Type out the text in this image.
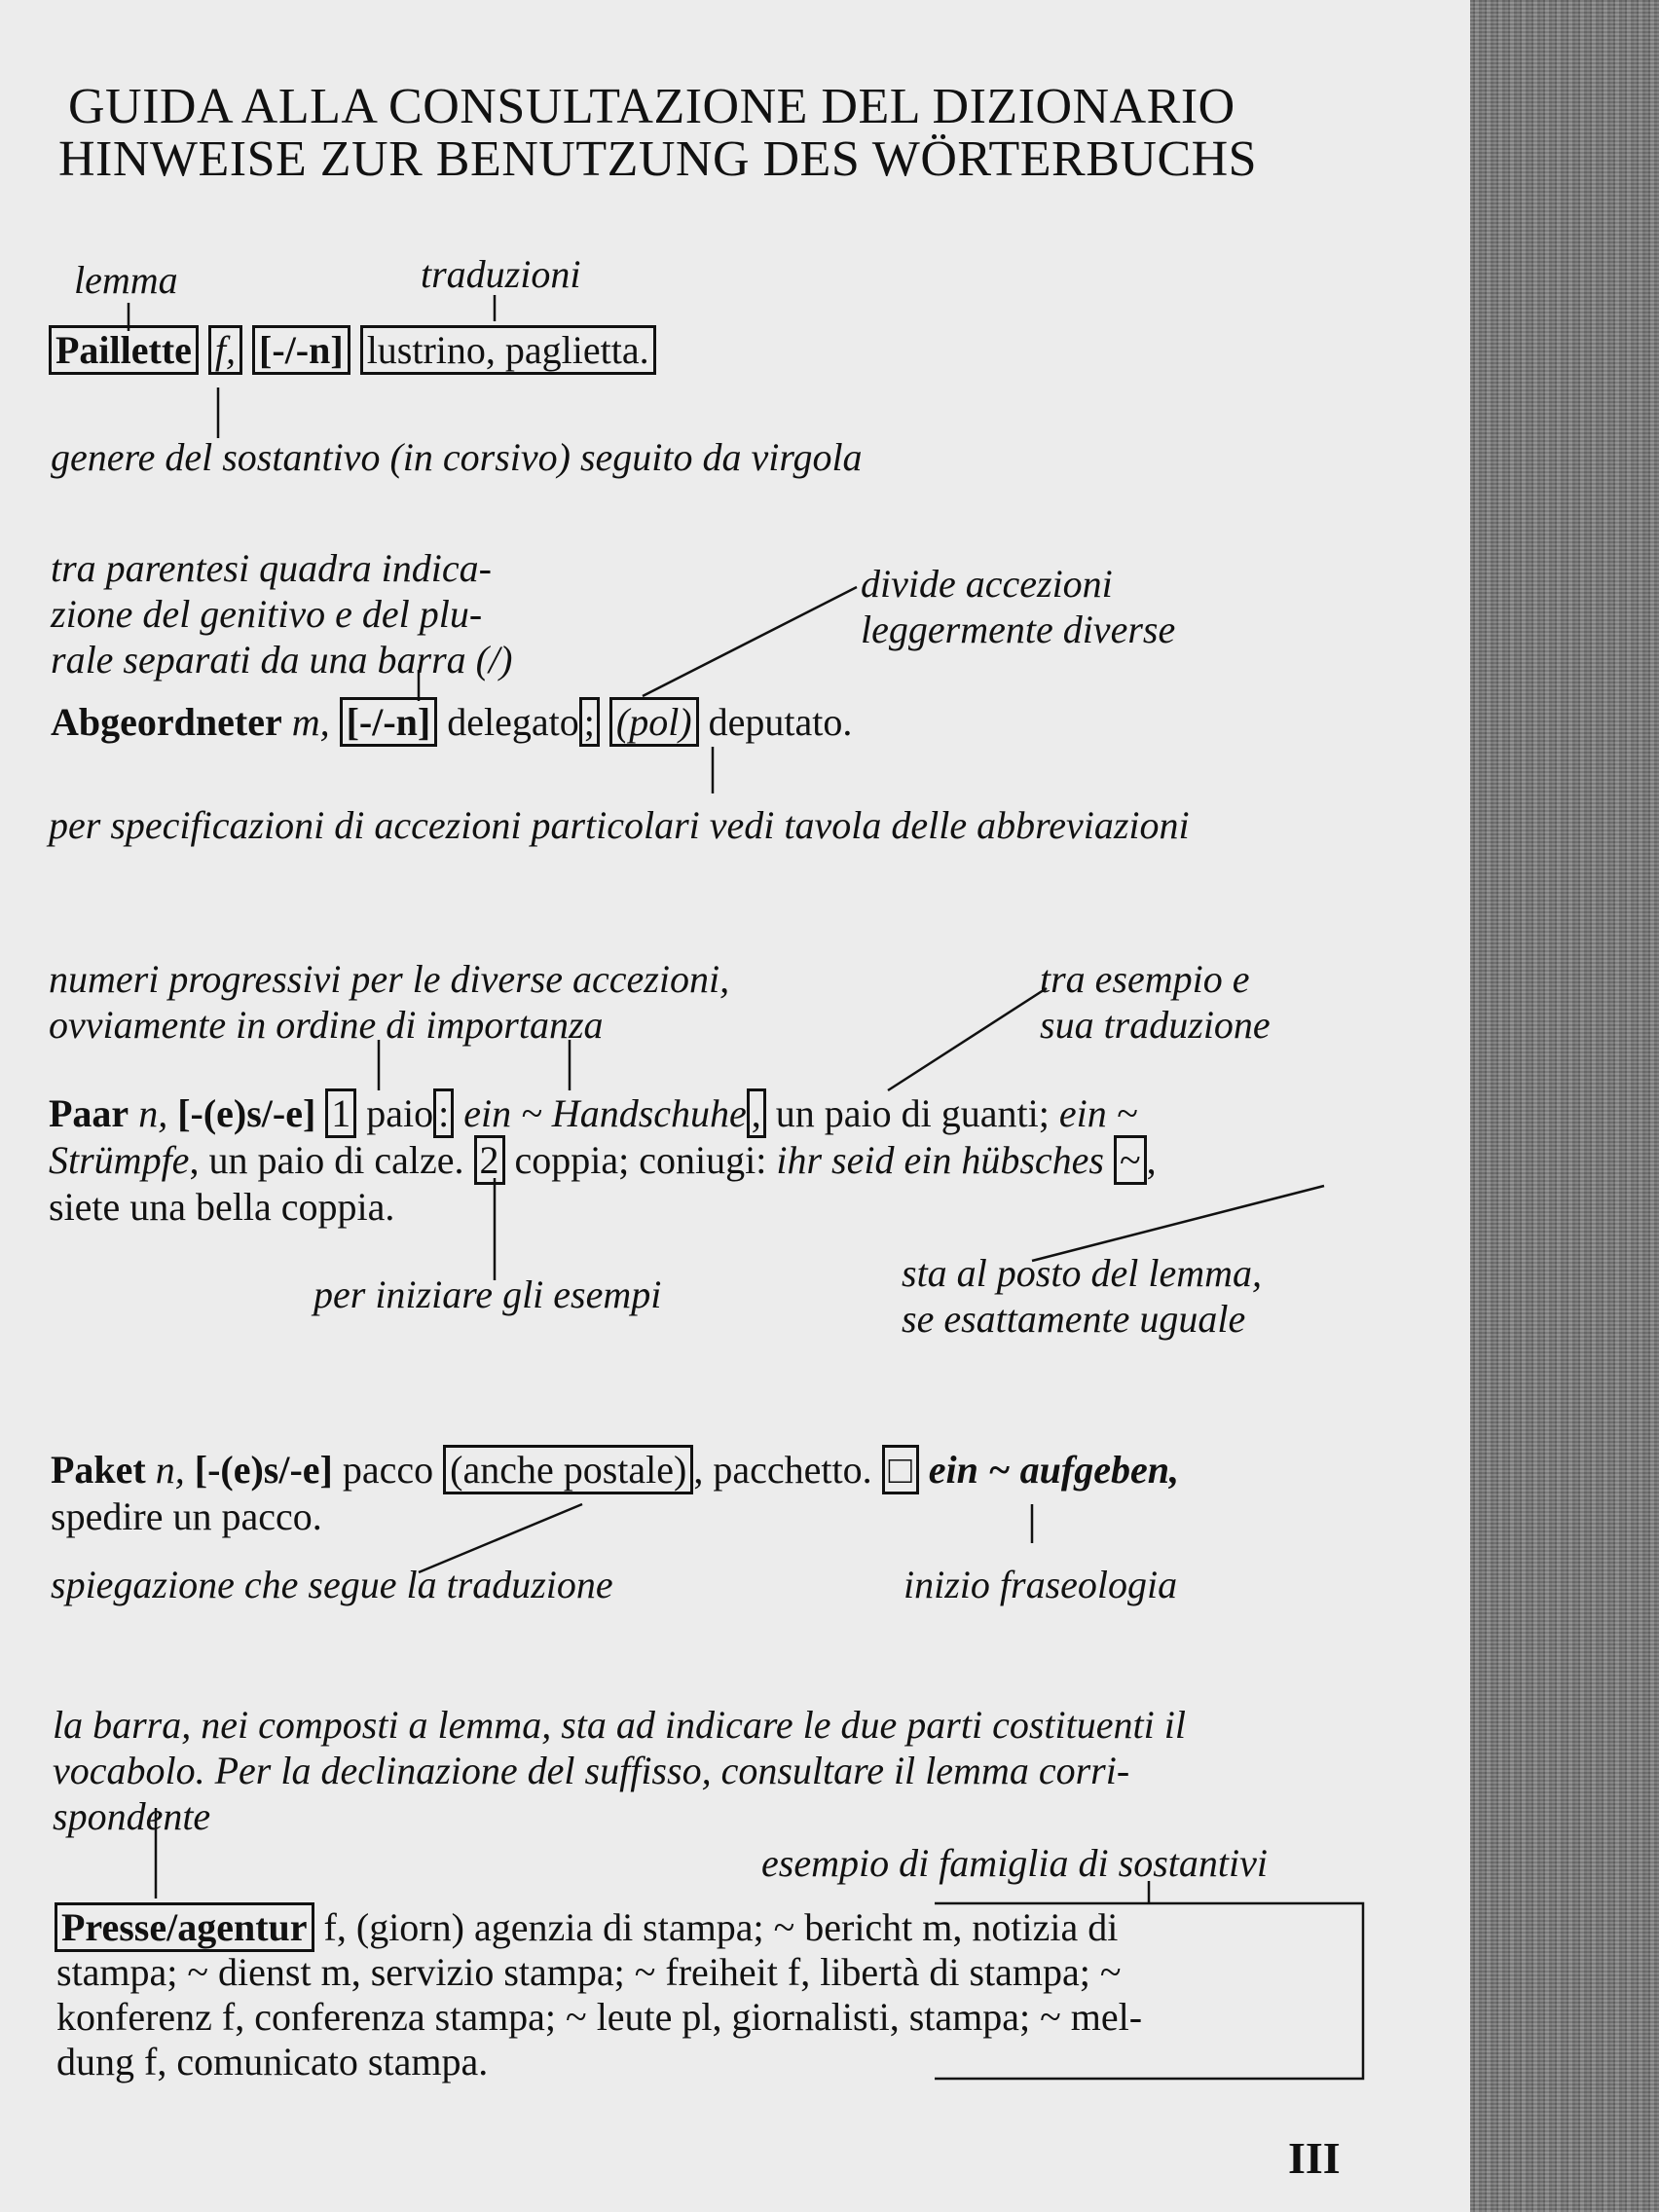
GUIDA ALLA CONSULTAZIONE DEL DIZIONARIO
HINWEISE ZUR BENUTZUNG DES WÖRTERBUCHS
lemma	traduzioni
Paillette f, [-/-n] lustrino, paglietta.
genere del sostantivo (in corsivo) seguito da virgola
tra parentesi quadra indica-
zione del genitivo e del plu-
rale separati da una barra (/)
divide accezioni
leggermente diverse
Abgeordneter m, [-/-n] delegato ; (pol) deputato.
per specificazioni di accezioni particolari vedi tavola delle abbreviazioni
numeri progressivi per le diverse accezioni,
ovviamente in ordine di importanza
tra esempio e
sua traduzione
Paar n, [-(e)s/-e] 1 paio : ein ~ Handschuhe , un paio di guanti; ein ~
Strümpfe, un paio di calze. 2 coppia; coniugi: ihr seid ein hübsches ~ ,
siete una bella coppia.
per iniziare gli esempi	sta al posto del lemma,
se esattamente uguale
Paket n, [-(e)s/-e] pacco (anche postale) , pacchetto. □ ein ~ aufgeben,
spedire un pacco.
spiegazione che segue la traduzione	inizio fraseologia
la barra, nei composti a lemma, sta ad indicare le due parti costituenti il
vocabolo. Per la declinazione del suffisso, consultare il lemma corri-
spondente
esempio di famiglia di sostantivi
Presse/agentur f, (giorn) agenzia di stampa; ~ bericht m, notizia di
stampa; ~ dienst m, servizio stampa; ~ freiheit f, libertà di stampa; ~
konferenz f, conferenza stampa; ~ leute pl, giornalisti, stampa; ~ mel-
dung f, comunicato stampa.
III
